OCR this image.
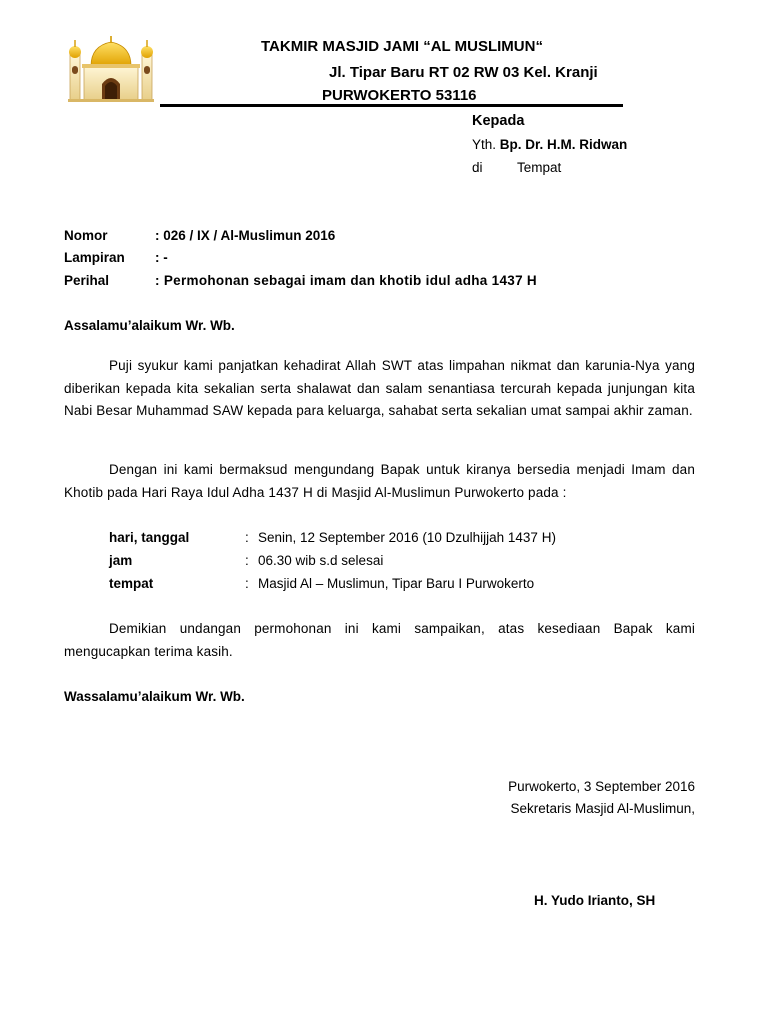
TAKMIR MASJID JAMI “AL MUSLIMUN“
Jl. Tipar Baru RT 02 RW 03 Kel. Kranji
PURWOKERTO 53116
Kepada
Yth. Bp. Dr. H.M. Ridwan
di	Tempat
Nomor	: 026 / IX / Al-Muslimun 2016
Lampiran : -
Perihal	: Permohonan sebagai imam dan khotib idul adha 1437 H
Assalamu’alaikum Wr. Wb.
Puji syukur kami panjatkan kehadirat Allah SWT atas limpahan nikmat dan karunia-Nya yang diberikan kepada kita sekalian serta shalawat dan salam senantiasa tercurah kepada junjungan kita Nabi Besar Muhammad SAW kepada para keluarga, sahabat serta sekalian umat sampai akhir zaman.
Dengan ini kami bermaksud mengundang Bapak untuk kiranya bersedia menjadi Imam dan Khotib pada Hari Raya Idul Adha 1437 H di Masjid Al-Muslimun Purwokerto pada :
hari, tanggal	: Senin, 12 September 2016 (10 Dzulhijjah 1437 H)
jam	: 06.30 wib s.d selesai
tempat	: Masjid Al – Muslimun, Tipar Baru I Purwokerto
Demikian undangan permohonan ini kami sampaikan, atas kesediaan Bapak kami mengucapkan terima kasih.
Wassalamu’alaikum Wr. Wb.
Purwokerto, 3 September 2016
Sekretaris Masjid Al-Muslimun,
H. Yudo Irianto, SH
